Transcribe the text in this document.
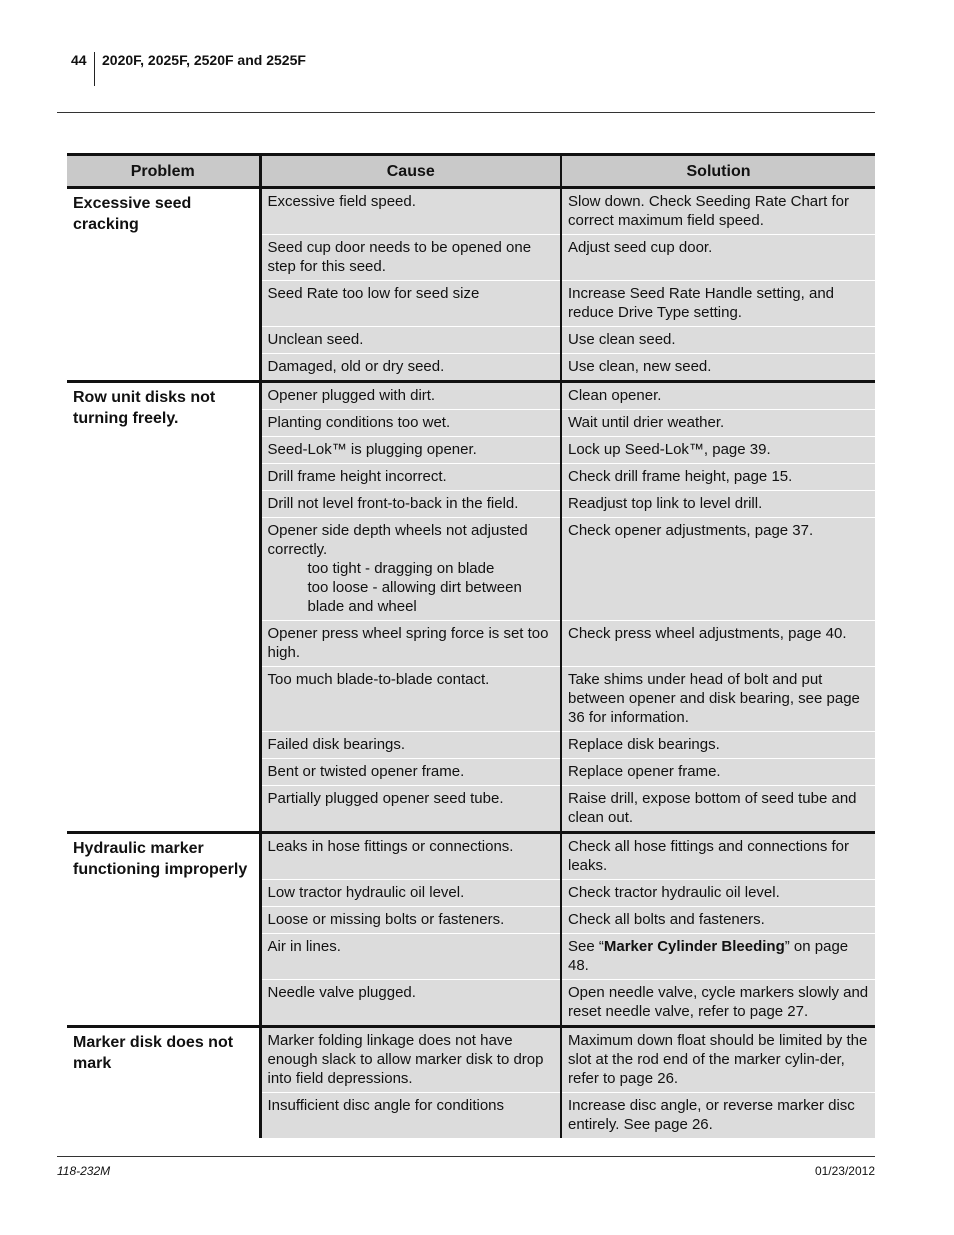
44 2020F, 2025F, 2520F and 2525F
Problem	Cause	Solution
Excessive seed cracking	Excessive field speed.	Slow down. Check Seeding Rate Chart for correct maximum field speed.
	Seed cup door needs to be opened one step for this seed.	Adjust seed cup door.
	Seed Rate too low for seed size	Increase Seed Rate Handle setting, and reduce Drive Type setting.
	Unclean seed.	Use clean seed.
	Damaged, old or dry seed.	Use clean, new seed.
Row unit disks not turning freely.	Opener plugged with dirt.	Clean opener.
	Planting conditions too wet.	Wait until drier weather.
	Seed-Lok™ is plugging opener.	Lock up Seed-Lok™, page 39.
	Drill frame height incorrect.	Check drill frame height, page 15.
	Drill not level front-to-back in the field.	Readjust top link to level drill.
	Opener side depth wheels not adjusted correctly.
too tight - dragging on blade
too loose - allowing dirt between blade and wheel	Check opener adjustments, page 37.
	Opener press wheel spring force is set too high.	Check press wheel adjustments, page 40.
	Too much blade-to-blade contact.	Take shims under head of bolt and put between opener and disk bearing, see page 36 for information.
	Failed disk bearings.	Replace disk bearings.
	Bent or twisted opener frame.	Replace opener frame.
	Partially plugged opener seed tube.	Raise drill, expose bottom of seed tube and clean out.
Hydraulic marker functioning improperly	Leaks in hose fittings or connections.	Check all hose fittings and connections for leaks.
	Low tractor hydraulic oil level.	Check tractor hydraulic oil level.
	Loose or missing bolts or fasteners.	Check all bolts and fasteners.
	Air in lines.	See “Marker Cylinder Bleeding” on page 48.
	Needle valve plugged.	Open needle valve, cycle markers slowly and reset needle valve, refer to page 27.
Marker disk does not mark	Marker folding linkage does not have enough slack to allow marker disk to drop into field depressions.	Maximum down float should be limited by the slot at the rod end of the marker cylin-der, refer to page 26.
	Insufficient disc angle for conditions	Increase disc angle, or reverse marker disc entirely. See page 26.
118-232M	01/23/2012
